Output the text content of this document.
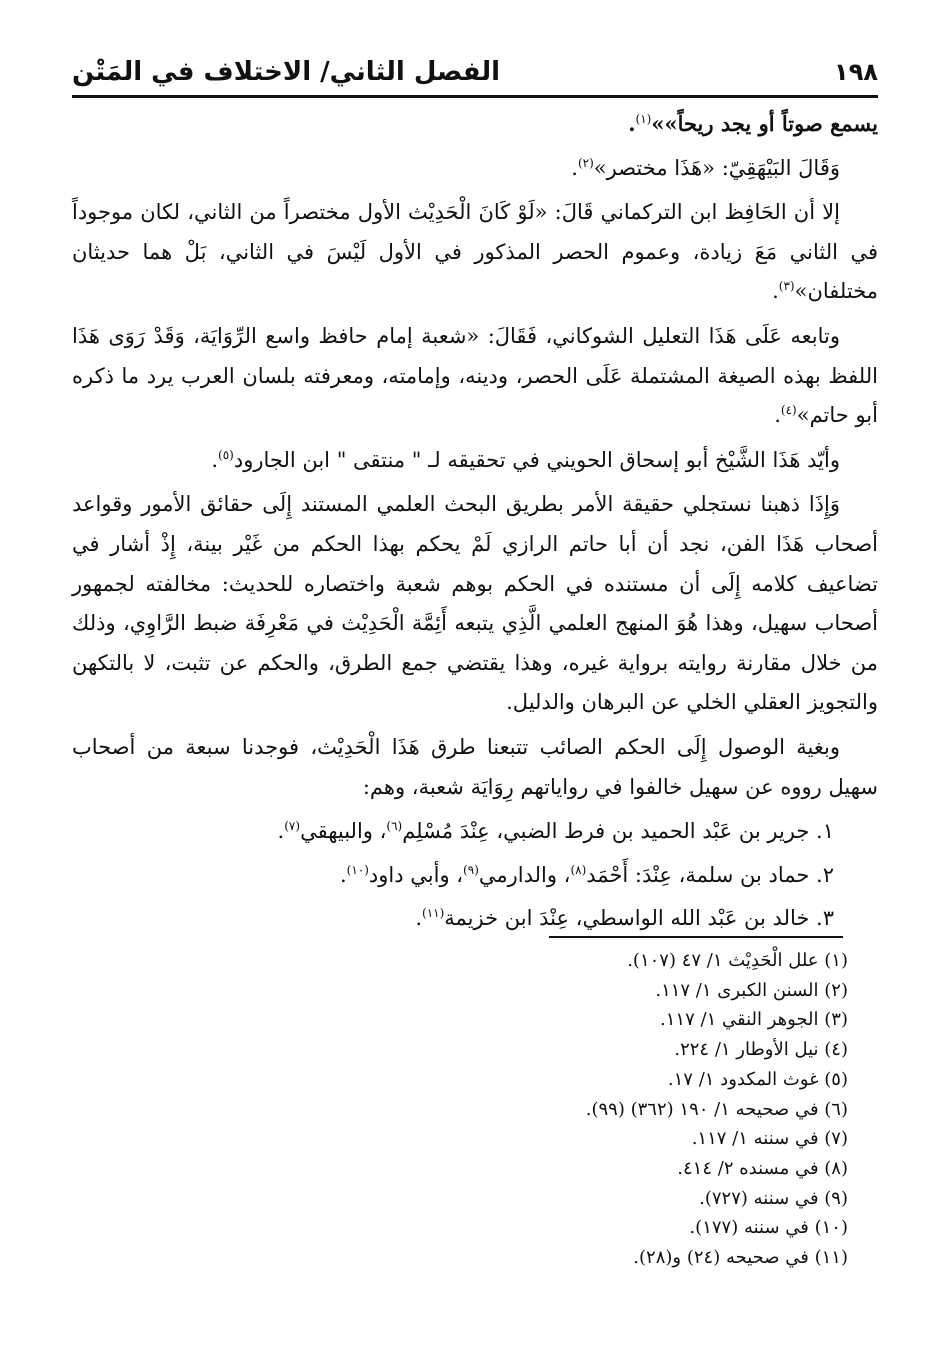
١٩٨
الفصل الثاني/ الاختلاف في المَتْن

يسمع صوتاً أو يجد ريحاً»»$^{(١)}$.

وَقَالَ البَيْهَقِيّ: «هَذَا مختصر»$^{(٢)}$.

إلا أن الحَافِظ ابن التركماني قَالَ: «لَوْ كَانَ الْحَدِيْث الأول مختصراً من الثاني، لكان موجوداً في الثاني مَعَ زيادة، وعموم الحصر المذكور في الأول لَيْسَ في الثاني، بَلْ هما حديثان مختلفان»$^{(٣)}$.

وتابعه عَلَى هَذَا التعليل الشوكاني، فَقَالَ: «شعبة إمام حافظ واسع الرِّوَايَة، وَقَدْ رَوَى هَذَا اللفظ بهذه الصيغة المشتملة عَلَى الحصر، ودينه، وإمامته، ومعرفته بلسان العرب يرد ما ذكره أبو حاتم»$^{(٤)}$.

وأيّد هَذَا الشَّيْخ أبو إسحاق الحويني في تحقيقه لـ " منتقى " ابن الجارود$^{(٥)}$.

وَإِذَا ذهبنا نستجلي حقيقة الأمر بطريق البحث العلمي المستند إِلَى حقائق الأمور وقواعد أصحاب هَذَا الفن، نجد أن أبا حاتم الرازي لَمْ يحكم بهذا الحكم من غَيْر بينة، إِذْ أشار في تضاعيف كلامه إِلَى أن مستنده في الحكم بوهم شعبة واختصاره للحديث: مخالفته لجمهور أصحاب سهيل، وهذا هُوَ المنهج العلمي الَّذِي يتبعه أَئِمَّة الْحَدِيْث في مَعْرِفَة ضبط الرَّاوِي، وذلك من خلال مقارنة روايته برواية غيره، وهذا يقتضي جمع الطرق، والحكم عن تثبت، لا بالتكهن والتجويز العقلي الخلي عن البرهان والدليل.

وبغية الوصول إِلَى الحكم الصائب تتبعنا طرق هَذَا الْحَدِيْث، فوجدنا سبعة من أصحاب سهيل رووه عن سهيل خالفوا في رواياتهم رِوَايَة شعبة، وهم:

١. جرير بن عَبْد الحميد بن فرط الضبي، عِنْدَ مُسْلِم$^{(٦)}$، والبيهقي$^{(٧)}$.

٢. حماد بن سلمة، عِنْدَ: أَحْمَد$^{(٨)}$، والدارمي$^{(٩)}$، وأبي داود$^{(١٠)}$.

٣. خالد بن عَبْد الله الواسطي، عِنْدَ ابن خزيمة$^{(١١)}$.

(١) علل الْحَدِيْث ١/ ٤٧ (١٠٧).
(٢) السنن الكبرى ١/ ١١٧.
(٣) الجوهر النقي ١/ ١١٧.
(٤) نيل الأوطار ١/ ٢٢٤.
(٥) غوث المكدود ١/ ١٧.
(٦) في صحيحه ١/ ١٩٠ (٣٦٢) (٩٩).
(٧) في سننه ١/ ١١٧.
(٨) في مسنده ٢/ ٤١٤.
(٩) في سننه (٧٢٧).
(١٠) في سننه (١٧٧).
(١١) في صحيحه (٢٤) و(٢٨).
